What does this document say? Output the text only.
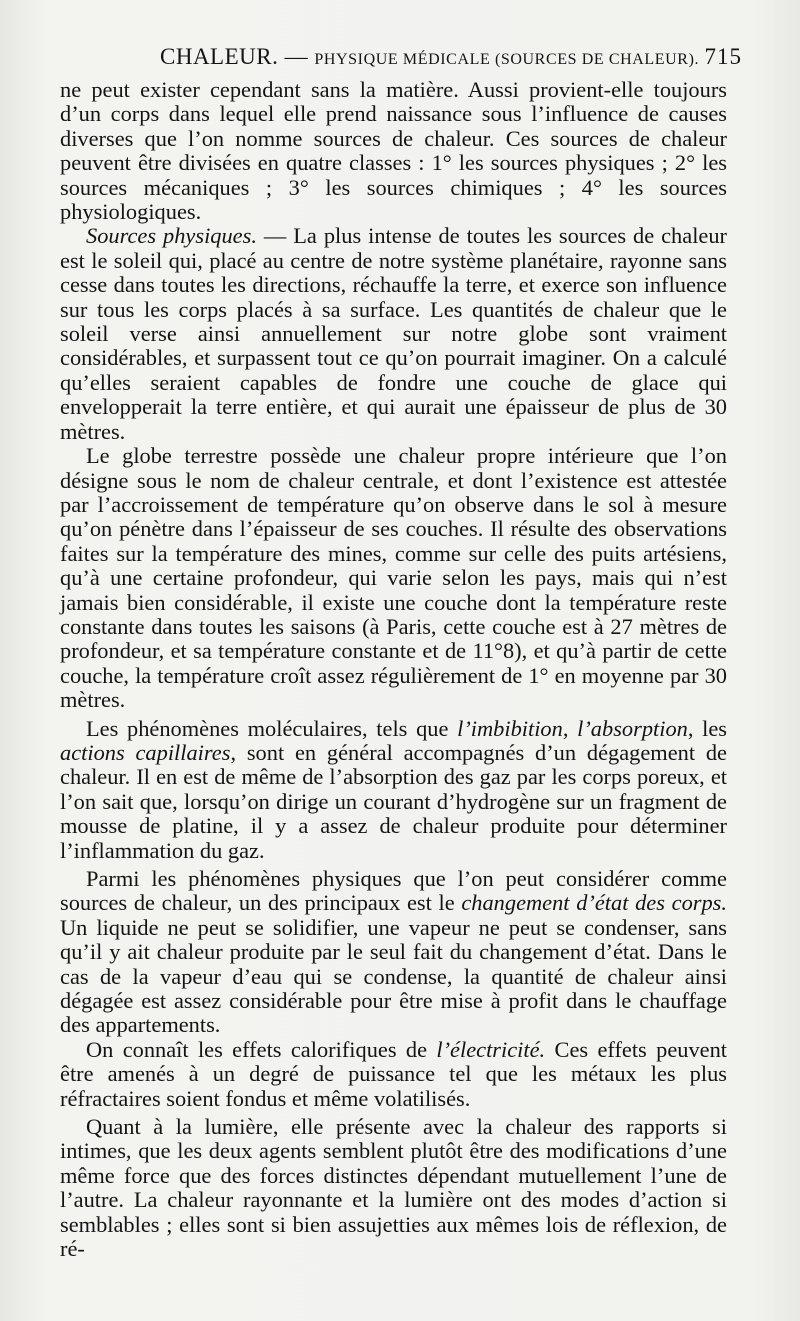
CHALEUR. — PHYSIQUE MÉDICALE (SOURCES DE CHALEUR). 715

ne peut exister cependant sans la matière. Aussi provient-elle toujours d’un corps dans lequel elle prend naissance sous l’influence de causes diverses que l’on nomme sources de chaleur. Ces sources de chaleur peuvent être divisées en quatre classes : 1° les sources physiques ; 2° les sources mécaniques ; 3° les sources chimiques ; 4° les sources physiologiques.

Sources physiques. — La plus intense de toutes les sources de chaleur est le soleil qui, placé au centre de notre système planétaire, rayonne sans cesse dans toutes les directions, réchauffe la terre, et exerce son influence sur tous les corps placés à sa surface. Les quantités de chaleur que le soleil verse ainsi annuellement sur notre globe sont vraiment considérables, et surpassent tout ce qu’on pourrait imaginer. On a calculé qu’elles seraient capables de fondre une couche de glace qui envelopperait la terre entière, et qui aurait une épaisseur de plus de 30 mètres.

Le globe terrestre possède une chaleur propre intérieure que l’on désigne sous le nom de chaleur centrale, et dont l’existence est attestée par l’accroissement de température qu’on observe dans le sol à mesure qu’on pénètre dans l’épaisseur de ses couches. Il résulte des observations faites sur la température des mines, comme sur celle des puits artésiens, qu’à une certaine profondeur, qui varie selon les pays, mais qui n’est jamais bien considérable, il existe une couche dont la température reste constante dans toutes les saisons (à Paris, cette couche est à 27 mètres de profondeur, et sa température constante et de 11°8), et qu’à partir de cette couche, la température croît assez régulièrement de 1° en moyenne par 30 mètres.

Les phénomènes moléculaires, tels que l’imbibition, l’absorption, les actions capillaires, sont en général accompagnés d’un dégagement de chaleur. Il en est de même de l’absorption des gaz par les corps poreux, et l’on sait que, lorsqu’on dirige un courant d’hydrogène sur un fragment de mousse de platine, il y a assez de chaleur produite pour déterminer l’inflammation du gaz.

Parmi les phénomènes physiques que l’on peut considérer comme sources de chaleur, un des principaux est le changement d’état des corps. Un liquide ne peut se solidifier, une vapeur ne peut se condenser, sans qu’il y ait chaleur produite par le seul fait du changement d’état. Dans le cas de la vapeur d’eau qui se condense, la quantité de chaleur ainsi dégagée est assez considérable pour être mise à profit dans le chauffage des appartements.

On connaît les effets calorifiques de l’électricité. Ces effets peuvent être amenés à un degré de puissance tel que les métaux les plus réfractaires soient fondus et même volatilisés.

Quant à la lumière, elle présente avec la chaleur des rapports si intimes, que les deux agents semblent plutôt être des modifications d’une même force que des forces distinctes dépendant mutuellement l’une de l’autre. La chaleur rayonnante et la lumière ont des modes d’action si semblables ; elles sont si bien assujetties aux mêmes lois de réflexion, de ré-
